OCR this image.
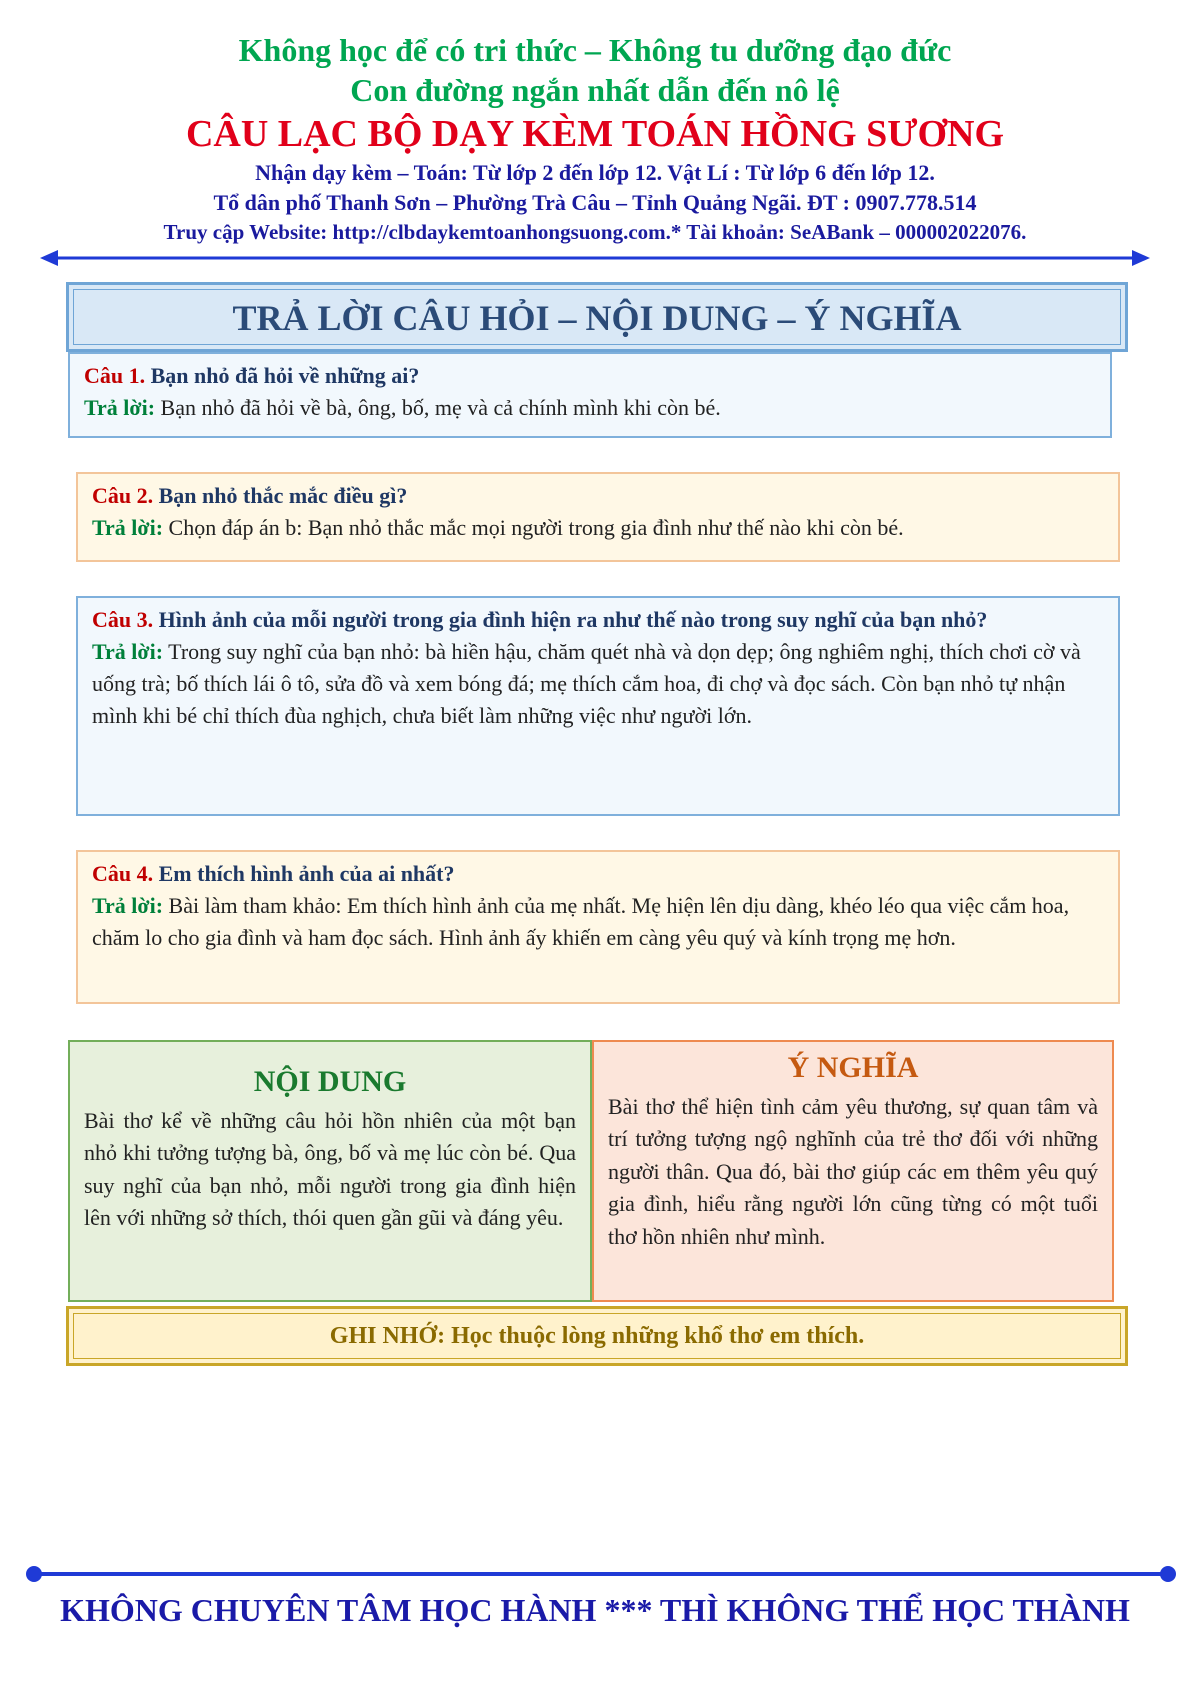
Không học để có tri thức – Không tu dưỡng đạo đức
Con đường ngắn nhất dẫn đến nô lệ
CÂU LẠC BỘ DẠY KÈM TOÁN HỒNG SƯƠNG
Nhận dạy kèm – Toán: Từ lớp 2 đến lớp 12. Vật Lí : Từ lớp 6 đến lớp 12.
Tổ dân phố Thanh Sơn – Phường Trà Câu – Tỉnh Quảng Ngãi. ĐT : 0907.778.514
Truy cập Website: http://clbdaykemtoanhongsuong.com.* Tài khoản: SeABank – 000002022076.
TRẢ LỜI CÂU HỎI – NỘI DUNG – Ý NGHĨA
Câu 1. Bạn nhỏ đã hỏi về những ai?
Trả lời: Bạn nhỏ đã hỏi về bà, ông, bố, mẹ và cả chính mình khi còn bé.
Câu 2. Bạn nhỏ thắc mắc điều gì?
Trả lời: Chọn đáp án b: Bạn nhỏ thắc mắc mọi người trong gia đình như thế nào khi còn bé.
Câu 3. Hình ảnh của mỗi người trong gia đình hiện ra như thế nào trong suy nghĩ của bạn nhỏ?
Trả lời: Trong suy nghĩ của bạn nhỏ: bà hiền hậu, chăm quét nhà và dọn dẹp; ông nghiêm nghị, thích chơi cờ và uống trà; bố thích lái ô tô, sửa đồ và xem bóng đá; mẹ thích cắm hoa, đi chợ và đọc sách. Còn bạn nhỏ tự nhận mình khi bé chỉ thích đùa nghịch, chưa biết làm những việc như người lớn.
Câu 4. Em thích hình ảnh của ai nhất?
Trả lời: Bài làm tham khảo: Em thích hình ảnh của mẹ nhất. Mẹ hiện lên dịu dàng, khéo léo qua việc cắm hoa, chăm lo cho gia đình và ham đọc sách. Hình ảnh ấy khiến em càng yêu quý và kính trọng mẹ hơn.
NỘI DUNG
Bài thơ kể về những câu hỏi hồn nhiên của một bạn nhỏ khi tưởng tượng bà, ông, bố và mẹ lúc còn bé. Qua suy nghĩ của bạn nhỏ, mỗi người trong gia đình hiện lên với những sở thích, thói quen gần gũi và đáng yêu.
Ý NGHĨA
Bài thơ thể hiện tình cảm yêu thương, sự quan tâm và trí tưởng tượng ngộ nghĩnh của trẻ thơ đối với những người thân. Qua đó, bài thơ giúp các em thêm yêu quý gia đình, hiểu rằng người lớn cũng từng có một tuổi thơ hồn nhiên như mình.
GHI NHỚ: Học thuộc lòng những khổ thơ em thích.
KHÔNG CHUYÊN TÂM HỌC HÀNH *** THÌ KHÔNG THỂ HỌC THÀNH
